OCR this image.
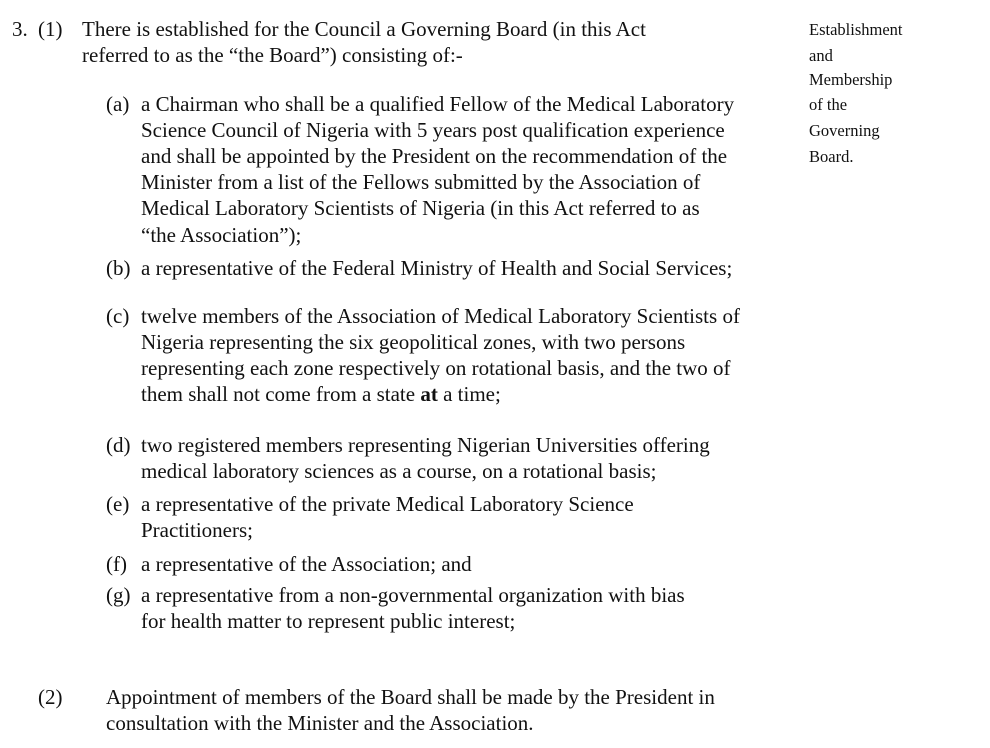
3. (1) There is established for the Council a Governing Board (in this Act
referred to as the “the Board”) consisting of:-
Establishment
and
Membership
of the
Governing
Board.
(a) a Chairman who shall be a qualified Fellow of the Medical Laboratory
Science Council of Nigeria with 5 years post qualification experience
and shall be appointed by the President on the recommendation of the
Minister from a list of the Fellows submitted by the Association of
Medical Laboratory Scientists of Nigeria (in this Act referred to as
“the Association”);
(b) a representative of the Federal Ministry of Health and Social Services;
(c) twelve members of the Association of Medical Laboratory Scientists of
Nigeria representing the six geopolitical zones, with two persons
representing each zone respectively on rotational basis, and the two of
them shall not come from a state at a time;
(d) two registered members representing Nigerian Universities offering
medical laboratory sciences as a course, on a rotational basis;
(e) a representative of the private Medical Laboratory Science
Practitioners;
(f) a representative of the Association; and
(g) a representative from a non-governmental organization with bias
for health matter to represent public interest;
(2) Appointment of members of the Board shall be made by the President in
consultation with the Minister and the Association.
